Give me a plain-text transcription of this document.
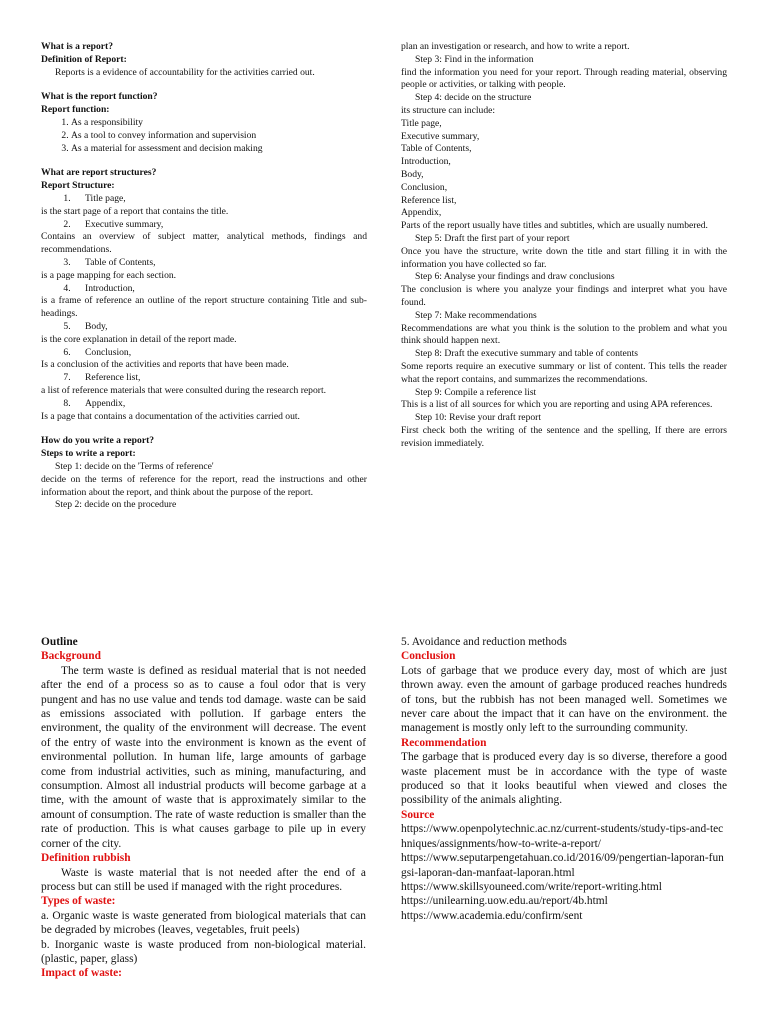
What is a report?

Definition of Report:

Reports is a evidence of accountability for the activities carried out.

What is the report function?

Report function:

1. As a responsibility
2. As a tool to convey information and supervision
3. As a material for assessment and decision making

What are report structures?

Report Structure:

1. Title page,

is the start page of a report that contains the title.

2. Executive summary,

Contains an overview of subject matter, analytical methods, findings and recommendations.

3. Table of Contents,

is a page mapping for each section.

4. Introduction,

is a frame of reference an outline of the report structure containing Title and sub-headings.

5. Body,

is the core explanation in detail of the report made.

6. Conclusion,

Is a conclusion of the activities and reports that have been made.

7. Reference list,

a list of reference materials that were consulted during the research report.

8. Appendix,

Is a page that contains a documentation of the activities carried out.

How do you write a report?

Steps to write a report:

Step 1: decide on the 'Terms of reference'

decide on the terms of reference for the report, read the instructions and other information about the report, and think about the purpose of the report.

Step 2: decide on the procedure

plan an investigation or research, and how to write a report.

Step 3: Find in the information

find the information you need for your report. Through reading material, observing people or activities, or talking with people.

Step 4: decide on the structure

its structure can include:

Title page,

Executive summary,

Table of Contents,

Introduction,

Body,

Conclusion,

Reference list,

Appendix,

Parts of the report usually have titles and subtitles, which are usually numbered.

Step 5: Draft the first part of your report

Once you have the structure, write down the title and start filling it in with the information you have collected so far.

Step 6: Analyse your findings and draw conclusions

The conclusion is where you analyze your findings and interpret what you have found.

Step 7: Make recommendations

Recommendations are what you think is the solution to the problem and what you think should happen next.

Step 8: Draft the executive summary and table of contents

Some reports require an executive summary or list of content. This tells the reader what the report contains, and summarizes the recommendations.

Step 9: Compile a reference list

This is a list of all sources for which you are reporting and using APA references.

Step 10: Revise your draft report

First check both the writing of the sentence and the spelling, If there are errors revision immediately.

Outline

Background

The term waste is defined as residual material that is not needed after the end of a process so as to cause a foul odor that is very pungent and has no use value and tends tod damage. waste can be said as emissions associated with pollution. If garbage enters the environment, the quality of the environment will decrease. The event of the entry of waste into the environment is known as the event of environmental pollution. In human life, large amounts of garbage come from industrial activities, such as mining, manufacturing, and consumption. Almost all industrial products will become garbage at a time, with the amount of waste that is approximately similar to the amount of consumption. The rate of waste reduction is smaller than the rate of production. This is what causes garbage to pile up in every corner of the city.

Definition rubbish

Waste is waste material that is not needed after the end of a process but can still be used if managed with the right procedures.

Types of waste:

a. Organic waste is waste generated from biological materials that can be degraded by microbes (leaves, vegetables, fruit peels)

b. Inorganic waste is waste produced from non-biological material. (plastic, paper, glass)

Impact of waste:

5. Avoidance and reduction methods

Conclusion

Lots of garbage that we produce every day, most of which are just thrown away. even the amount of garbage produced reaches hundreds of tons, but the rubbish has not been managed well. Sometimes we never care about the impact that it can have on the environment. the management is mostly only left to the surrounding community.

Recommendation

The garbage that is produced every day is so diverse, therefore a good waste placement must be in accordance with the type of waste produced so that it looks beautiful when viewed and closes the possibility of the animals alighting.

Source

https://www.openpolytechnic.ac.nz/current-students/study-tips-and-techniques/assignments/how-to-write-a-report/

https://www.seputarpengetahuan.co.id/2016/09/pengertian-laporan-fungsi-laporan-dan-manfaat-laporan.html

https://www.skillsyouneed.com/write/report-writing.html

https://unilearning.uow.edu.au/report/4b.html

https://www.academia.edu/confirm/sent
